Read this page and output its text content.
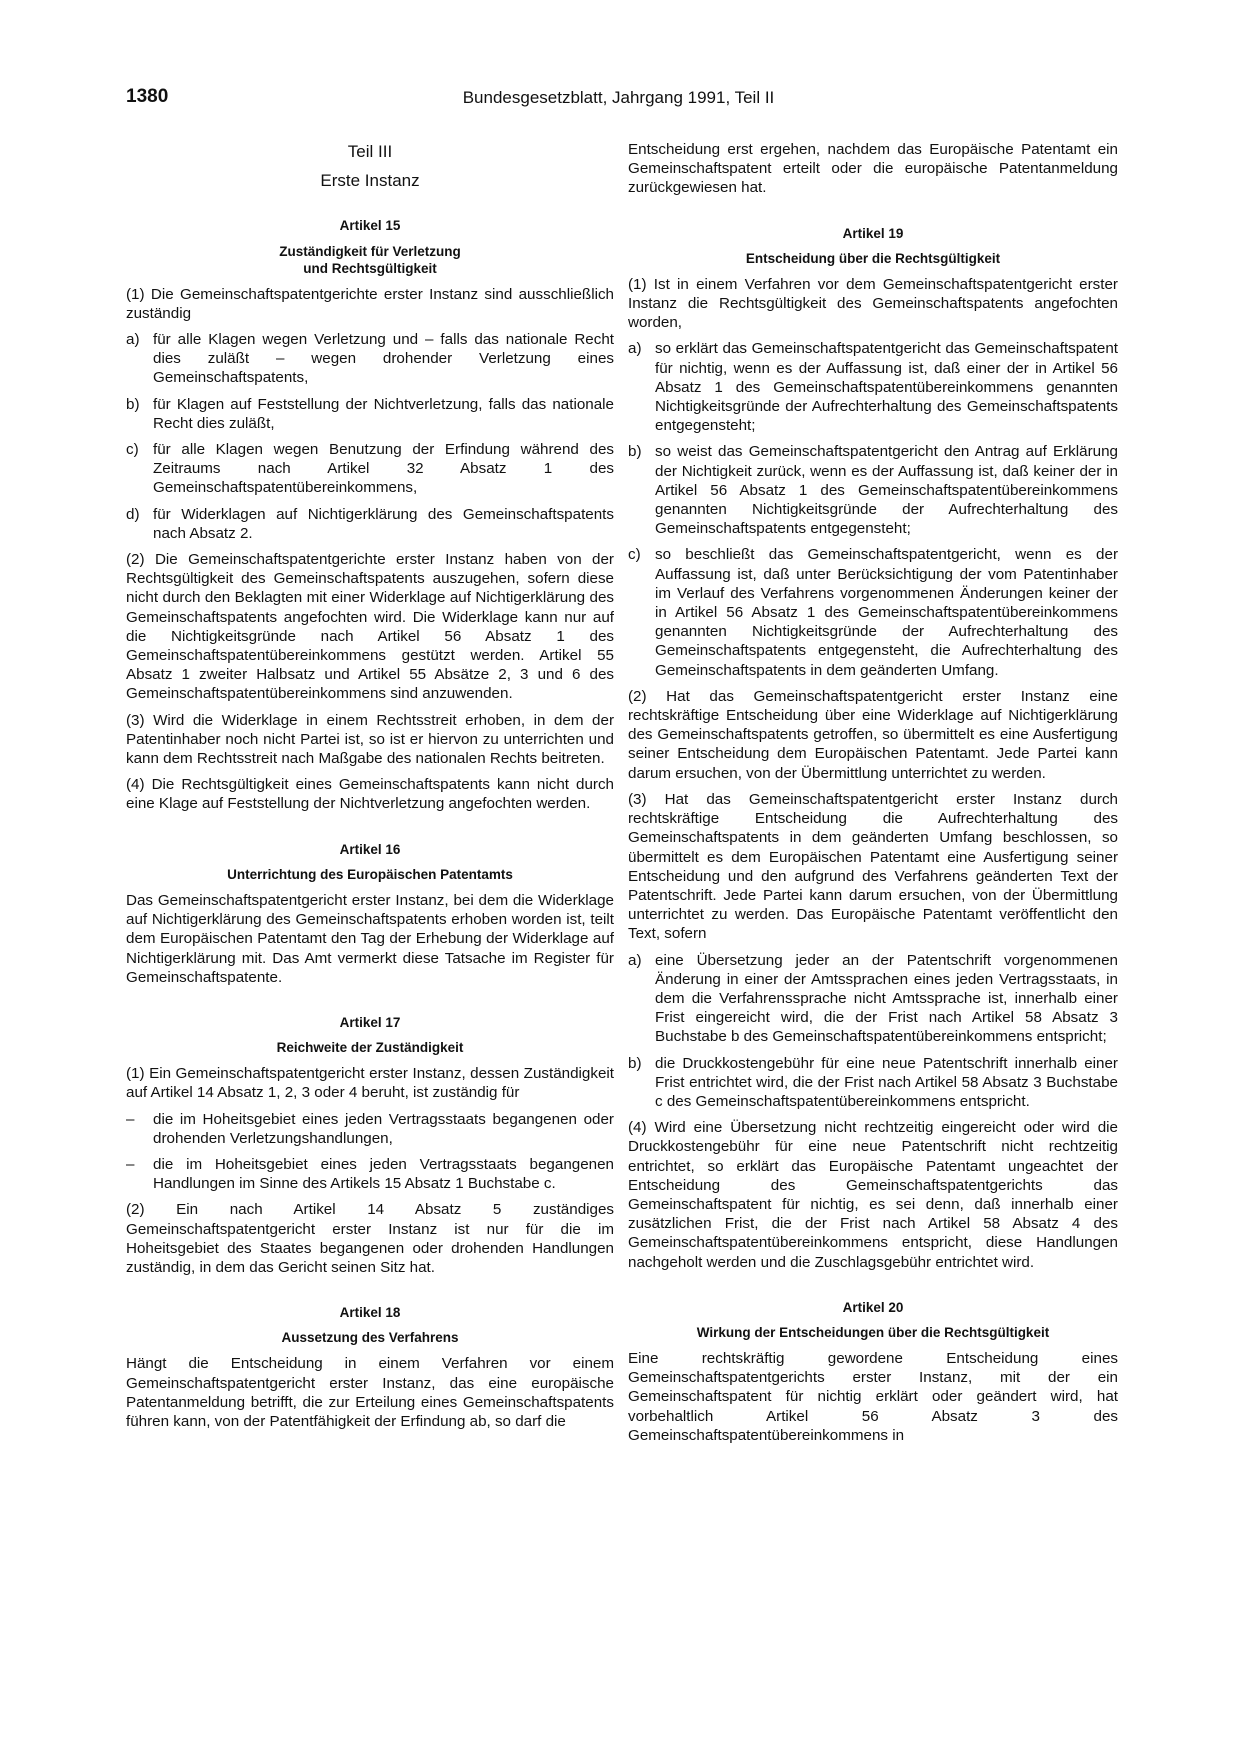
1380	Bundesgesetzblatt, Jahrgang 1991, Teil II
Teil III
Erste Instanz
Artikel 15
Zuständigkeit für Verletzung
und Rechtsgültigkeit

(1) Die Gemeinschaftspatentgerichte erster Instanz sind ausschließlich zuständig

a) für alle Klagen wegen Verletzung und – falls das nationale Recht dies zuläßt – wegen drohender Verletzung eines Gemeinschaftspatents,
b) für Klagen auf Feststellung der Nichtverletzung, falls das nationale Recht dies zuläßt,
c) für alle Klagen wegen Benutzung der Erfindung während des Zeitraums nach Artikel 32 Absatz 1 des Gemeinschaftspatentübereinkommens,
d) für Widerklagen auf Nichtigerklärung des Gemeinschaftspatents nach Absatz 2.

(2) Die Gemeinschaftspatentgerichte erster Instanz haben von der Rechtsgültigkeit des Gemeinschaftspatents auszugehen, sofern diese nicht durch den Beklagten mit einer Widerklage auf Nichtigerklärung des Gemeinschaftspatents angefochten wird. Die Widerklage kann nur auf die Nichtigkeitsgründe nach Artikel 56 Absatz 1 des Gemeinschaftspatentübereinkommens gestützt werden. Artikel 55 Absatz 1 zweiter Halbsatz und Artikel 55 Absätze 2, 3 und 6 des Gemeinschaftspatentübereinkommens sind anzuwenden.

(3) Wird die Widerklage in einem Rechtsstreit erhoben, in dem der Patentinhaber noch nicht Partei ist, so ist er hiervon zu unterrichten und kann dem Rechtsstreit nach Maßgabe des nationalen Rechts beitreten.

(4) Die Rechtsgültigkeit eines Gemeinschaftspatents kann nicht durch eine Klage auf Feststellung der Nichtverletzung angefochten werden.

Artikel 16
Unterrichtung des Europäischen Patentamts

Das Gemeinschaftspatentgericht erster Instanz, bei dem die Widerklage auf Nichtigerklärung des Gemeinschaftspatents erhoben worden ist, teilt dem Europäischen Patentamt den Tag der Erhebung der Widerklage auf Nichtigerklärung mit. Das Amt vermerkt diese Tatsache im Register für Gemeinschaftspatente.

Artikel 17
Reichweite der Zuständigkeit

(1) Ein Gemeinschaftspatentgericht erster Instanz, dessen Zuständigkeit auf Artikel 14 Absatz 1, 2, 3 oder 4 beruht, ist zuständig für

–	die im Hoheitsgebiet eines jeden Vertragsstaats begangenen oder drohenden Verletzungshandlungen,
–	die im Hoheitsgebiet eines jeden Vertragsstaats begangenen Handlungen im Sinne des Artikels 15 Absatz 1 Buchstabe c.

(2) Ein nach Artikel 14 Absatz 5 zuständiges Gemeinschaftspatentgericht erster Instanz ist nur für die im Hoheitsgebiet des Staates begangenen oder drohenden Handlungen zuständig, in dem das Gericht seinen Sitz hat.

Artikel 18
Aussetzung des Verfahrens

Hängt die Entscheidung in einem Verfahren vor einem Gemeinschaftspatentgericht erster Instanz, das eine europäische Patentanmeldung betrifft, die zur Erteilung eines Gemeinschaftspatents führen kann, von der Patentfähigkeit der Erfindung ab, so darf die

Entscheidung erst ergehen, nachdem das Europäische Patentamt ein Gemeinschaftspatent erteilt oder die europäische Patentanmeldung zurückgewiesen hat.

Artikel 19
Entscheidung über die Rechtsgültigkeit

(1) Ist in einem Verfahren vor dem Gemeinschaftspatentgericht erster Instanz die Rechtsgültigkeit des Gemeinschaftspatents angefochten worden,

a) so erklärt das Gemeinschaftspatentgericht das Gemeinschaftspatent für nichtig, wenn es der Auffassung ist, daß einer der in Artikel 56 Absatz 1 des Gemeinschaftspatentübereinkommens genannten Nichtigkeitsgründe der Aufrechterhaltung des Gemeinschaftspatents entgegensteht;
b) so weist das Gemeinschaftspatentgericht den Antrag auf Erklärung der Nichtigkeit zurück, wenn es der Auffassung ist, daß keiner der in Artikel 56 Absatz 1 des Gemeinschaftspatentübereinkommens genannten Nichtigkeitsgründe der Aufrechterhaltung des Gemeinschaftspatents entgegensteht;
c) so beschließt das Gemeinschaftspatentgericht, wenn es der Auffassung ist, daß unter Berücksichtigung der vom Patentinhaber im Verlauf des Verfahrens vorgenommenen Änderungen keiner der in Artikel 56 Absatz 1 des Gemeinschaftspatentübereinkommens genannten Nichtigkeitsgründe der Aufrechterhaltung des Gemeinschaftspatents entgegensteht, die Aufrechterhaltung des Gemeinschaftspatents in dem geänderten Umfang.

(2) Hat das Gemeinschaftspatentgericht erster Instanz eine rechtskräftige Entscheidung über eine Widerklage auf Nichtigerklärung des Gemeinschaftspatents getroffen, so übermittelt es eine Ausfertigung seiner Entscheidung dem Europäischen Patentamt. Jede Partei kann darum ersuchen, von der Übermittlung unterrichtet zu werden.

(3) Hat das Gemeinschaftspatentgericht erster Instanz durch rechtskräftige Entscheidung die Aufrechterhaltung des Gemeinschaftspatents in dem geänderten Umfang beschlossen, so übermittelt es dem Europäischen Patentamt eine Ausfertigung seiner Entscheidung und den aufgrund des Verfahrens geänderten Text der Patentschrift. Jede Partei kann darum ersuchen, von der Übermittlung unterrichtet zu werden. Das Europäische Patentamt veröffentlicht den Text, sofern

a) eine Übersetzung jeder an der Patentschrift vorgenommenen Änderung in einer der Amtssprachen eines jeden Vertragsstaats, in dem die Verfahrenssprache nicht Amtssprache ist, innerhalb einer Frist eingereicht wird, die der Frist nach Artikel 58 Absatz 3 Buchstabe b des Gemeinschaftspatentübereinkommens entspricht;
b) die Druckkostengebühr für eine neue Patentschrift innerhalb einer Frist entrichtet wird, die der Frist nach Artikel 58 Absatz 3 Buchstabe c des Gemeinschaftspatentübereinkommens entspricht.

(4) Wird eine Übersetzung nicht rechtzeitig eingereicht oder wird die Druckkostengebühr für eine neue Patentschrift nicht rechtzeitig entrichtet, so erklärt das Europäische Patentamt ungeachtet der Entscheidung des Gemeinschaftspatentgerichts das Gemeinschaftspatent für nichtig, es sei denn, daß innerhalb einer zusätzlichen Frist, die der Frist nach Artikel 58 Absatz 4 des Gemeinschaftspatentübereinkommens entspricht, diese Handlungen nachgeholt werden und die Zuschlagsgebühr entrichtet wird.

Artikel 20
Wirkung der Entscheidungen über die Rechtsgültigkeit

Eine rechtskräftig gewordene Entscheidung eines Gemeinschaftspatentgerichts erster Instanz, mit der ein Gemeinschaftspatent für nichtig erklärt oder geändert wird, hat vorbehaltlich Artikel 56 Absatz 3 des Gemeinschaftspatentübereinkommens in
